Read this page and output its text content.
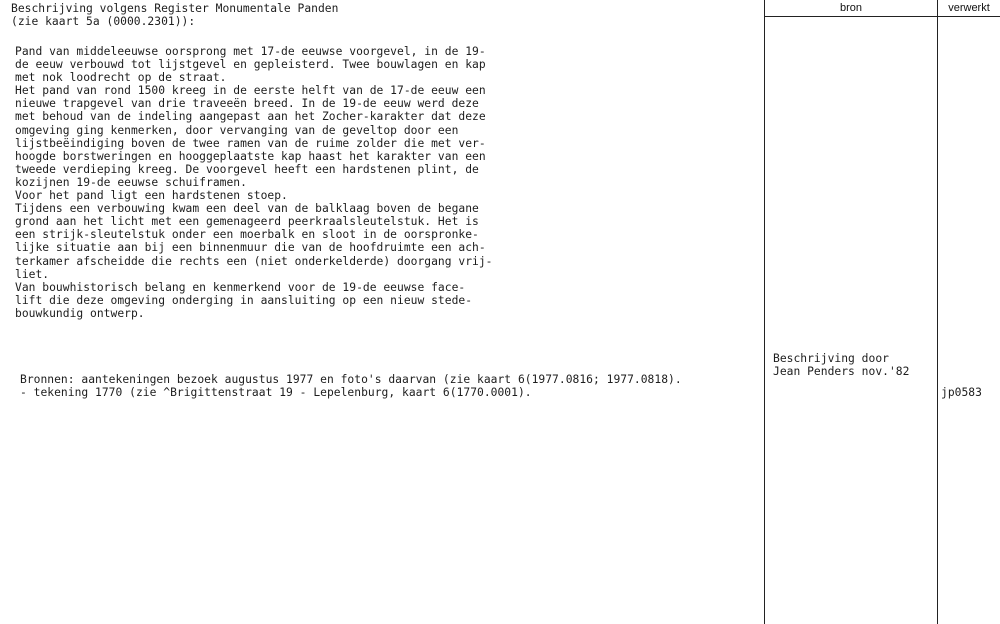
bron	verwerkt
Beschrijving volgens Register Monumentale Panden
(zie kaart 5a (0000.2301)):
Pand van middeleeuwse oorsprong met 17-de eeuwse voorgevel, in de 19-
de eeuw verbouwd tot lijstgevel en gepleisterd. Twee bouwlagen en kap
met nok loodrecht op de straat.
Het pand van rond 1500 kreeg in de eerste helft van de 17-de eeuw een
nieuwe trapgevel van drie traveeën breed. In de 19-de eeuw werd deze
met behoud van de indeling aangepast aan het Zocher-karakter dat deze
omgeving ging kenmerken, door vervanging van de geveltop door een
lijstbeëindiging boven de twee ramen van de ruime zolder die met ver-
hoogde borstweringen en hooggeplaatste kap haast het karakter van een
tweede verdieping kreeg. De voorgevel heeft een hardstenen plint, de
kozijnen 19-de eeuwse schuiframen.
Voor het pand ligt een hardstenen stoep.
Tijdens een verbouwing kwam een deel van de balklaag boven de begane
grond aan het licht met een gemenageerd peerkraalsleutelstuk. Het is
een strijk-sleutelstuk onder een moerbalk en sloot in de oorspronke-
lijke situatie aan bij een binnenmuur die van de hoofdruimte een ach-
terkamer afscheidde die rechts een (niet onderkelderde) doorgang vrij-
liet.
Van bouwhistorisch belang en kenmerkend voor de 19-de eeuwse face-
lift die deze omgeving onderging in aansluiting op een nieuw stede-
bouwkundig ontwerp.
Bronnen: aantekeningen bezoek augustus 1977 en foto's daarvan (zie kaart 6(1977.0816; 1977.0818).
- tekening 1770 (zie ^Brigittenstraat 19 - Lepelenburg, kaart 6(1770.0001).
Beschrijving door
Jean Penders nov.'82
jp0583
